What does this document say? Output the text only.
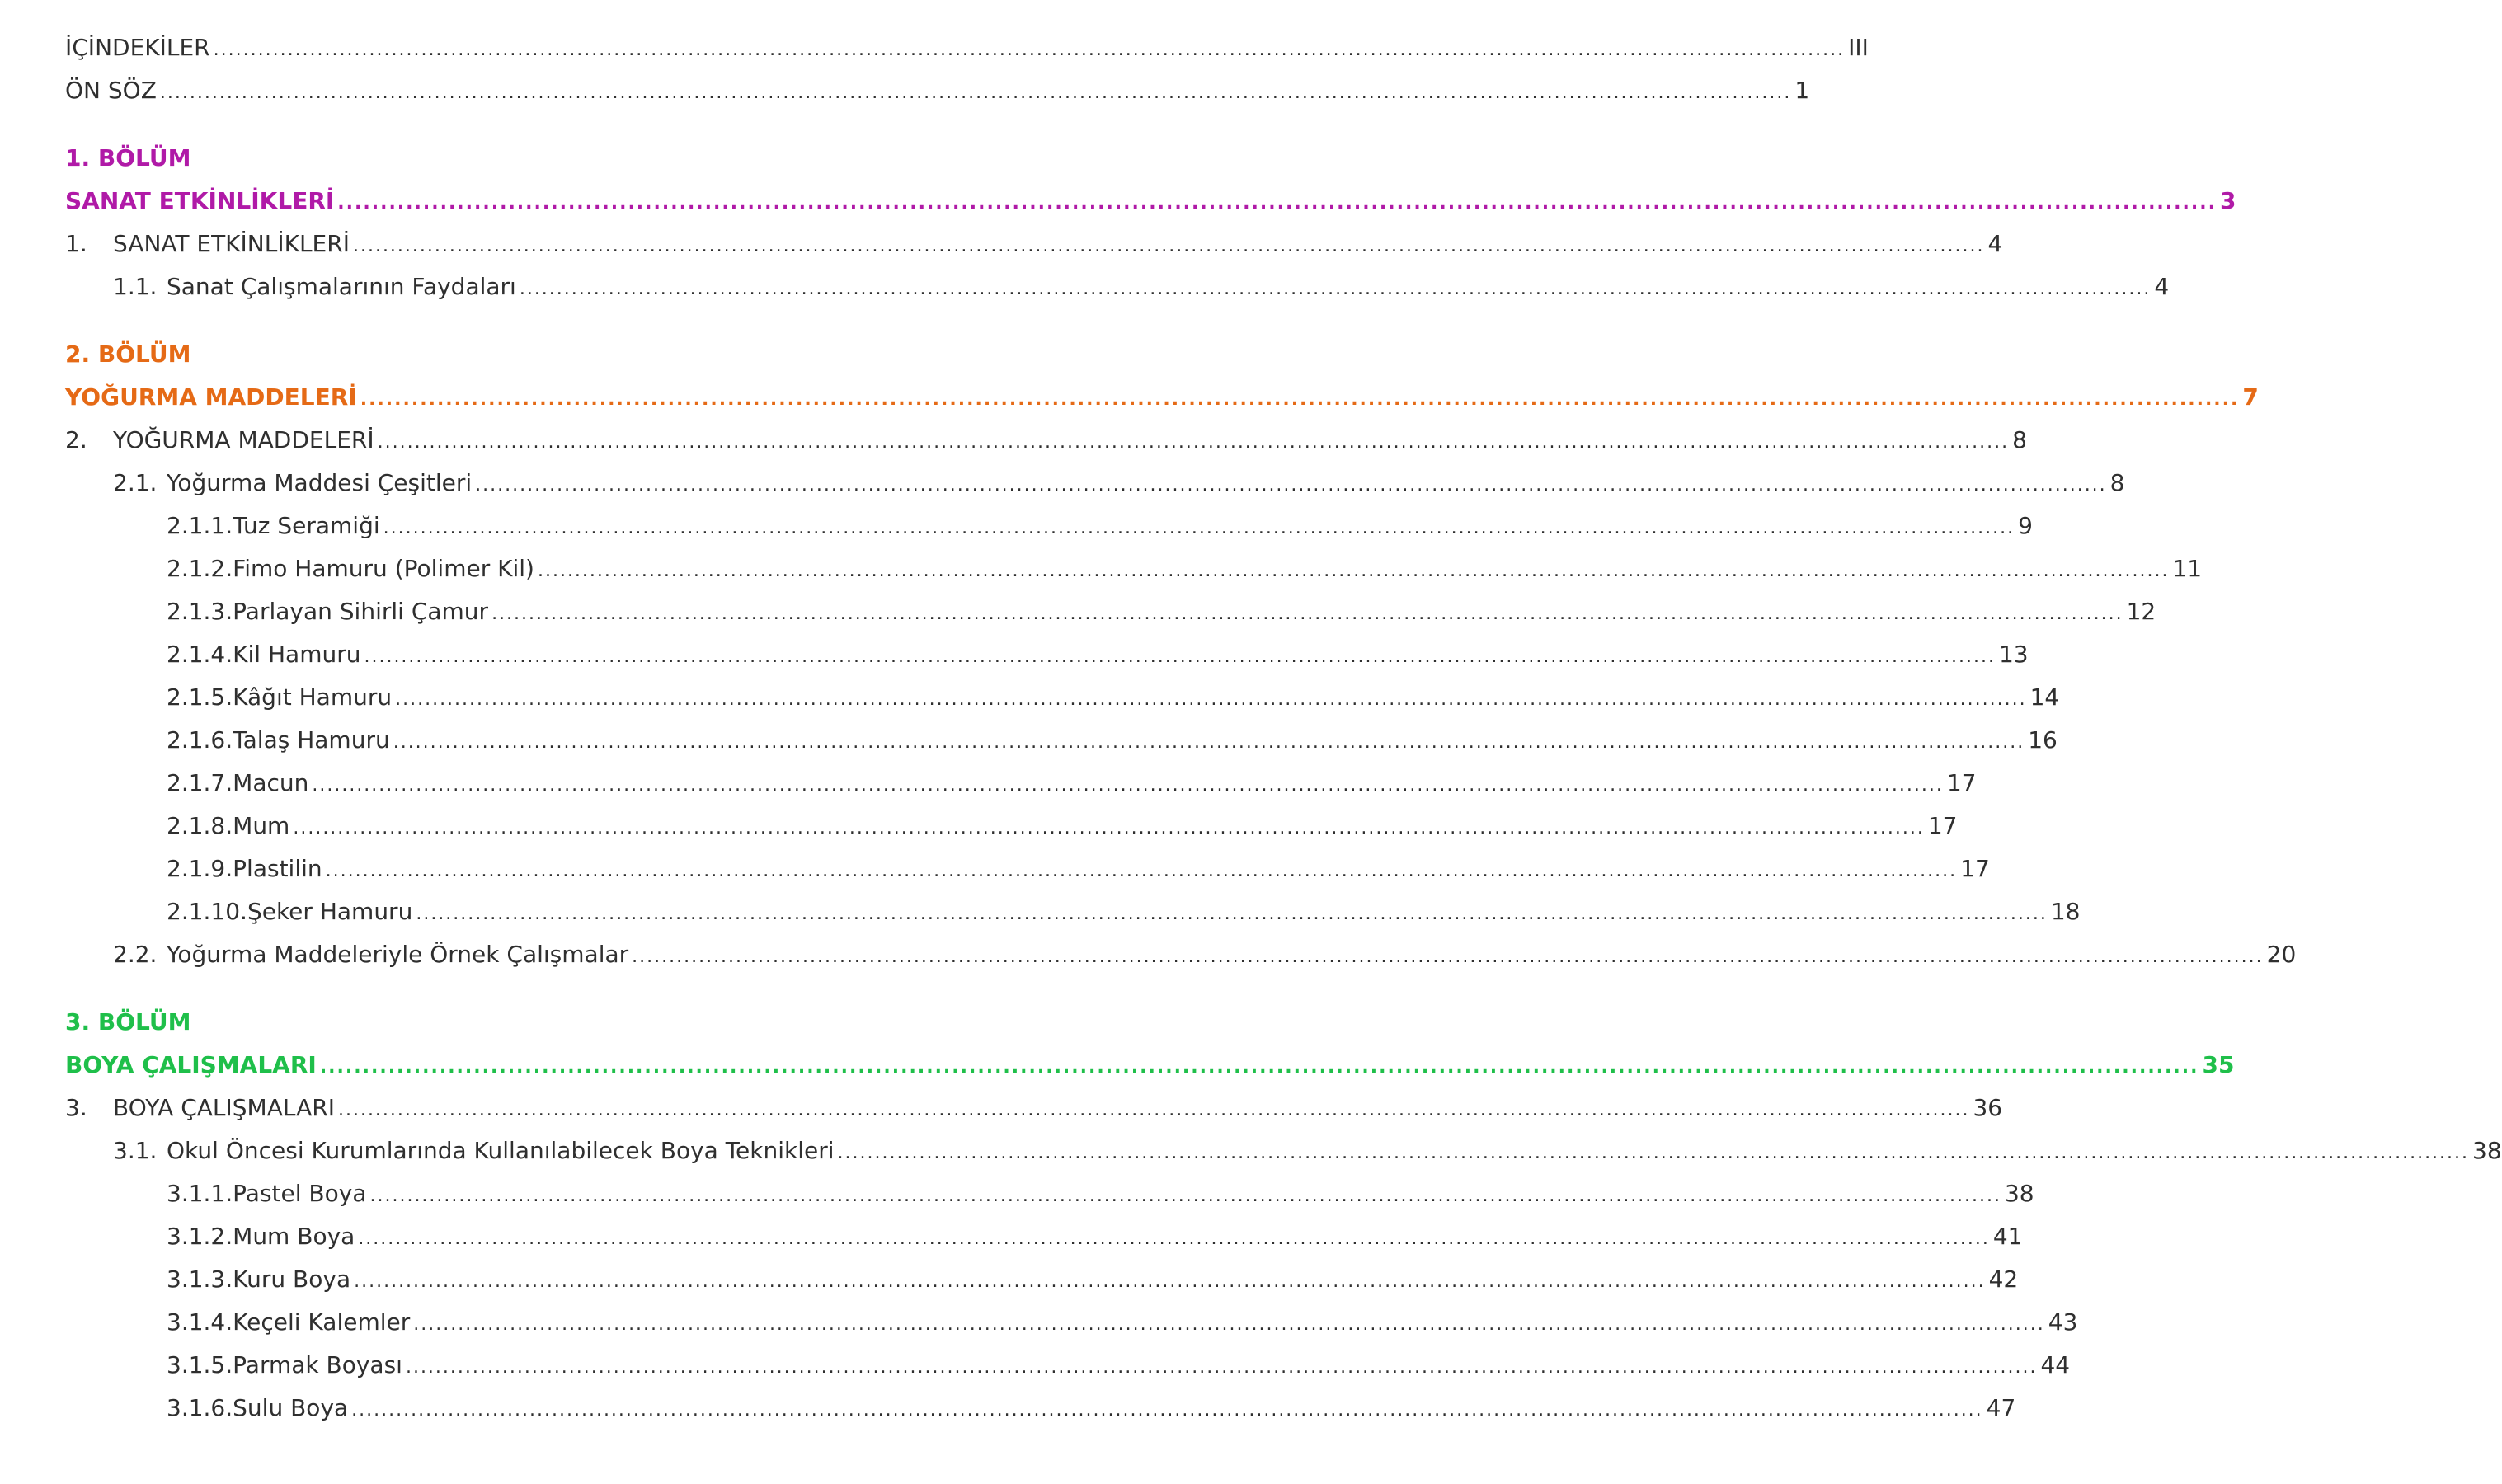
İÇİNDEKİLER ............................................................................................................................................................................................................................ III
ÖN SÖZ ............................................................................................................................................................................................................................ 1
1. BÖLÜM
SANAT ETKİNLİKLERİ ............................................................................................................................................................................................................................ 3
1.	SANAT ETKİNLİKLERİ ............................................................................................................................................................................................................................ 4
1.1. Sanat Çalışmalarının Faydaları ............................................................................................................................................................................................................................ 4
2. BÖLÜM
YOĞURMA MADDELERİ ............................................................................................................................................................................................................................ 7
2.	YOĞURMA MADDELERİ ............................................................................................................................................................................................................................ 8
2.1. Yoğurma Maddesi Çeşitleri ............................................................................................................................................................................................................................ 8
2.1.1. Tuz Seramiği ............................................................................................................................................................................................................................ 9
2.1.2. Fimo Hamuru (Polimer Kil) ............................................................................................................................................................................................................................ 11
2.1.3. Parlayan Sihirli Çamur ............................................................................................................................................................................................................................ 12
2.1.4. Kil Hamuru ............................................................................................................................................................................................................................ 13
2.1.5. Kâğıt Hamuru ............................................................................................................................................................................................................................ 14
2.1.6. Talaş Hamuru ............................................................................................................................................................................................................................ 16
2.1.7. Macun ............................................................................................................................................................................................................................ 17
2.1.8. Mum ............................................................................................................................................................................................................................ 17
2.1.9. Plastilin ............................................................................................................................................................................................................................ 17
2.1.10. Şeker Hamuru ............................................................................................................................................................................................................................ 18
2.2. Yoğurma Maddeleriyle Örnek Çalışmalar ............................................................................................................................................................................................................................ 20
3. BÖLÜM
BOYA ÇALIŞMALARI ............................................................................................................................................................................................................................ 35
3.	BOYA ÇALIŞMALARI ............................................................................................................................................................................................................................ 36
3.1. Okul Öncesi Kurumlarında Kullanılabilecek Boya Teknikleri ............................................................................................................................................................................................................................ 38
3.1.1. Pastel Boya ............................................................................................................................................................................................................................ 38
3.1.2. Mum Boya ............................................................................................................................................................................................................................ 41
3.1.3. Kuru Boya ............................................................................................................................................................................................................................ 42
3.1.4. Keçeli Kalemler ............................................................................................................................................................................................................................ 43
3.1.5. Parmak Boyası ............................................................................................................................................................................................................................ 44
3.1.6. Sulu Boya ............................................................................................................................................................................................................................ 47
